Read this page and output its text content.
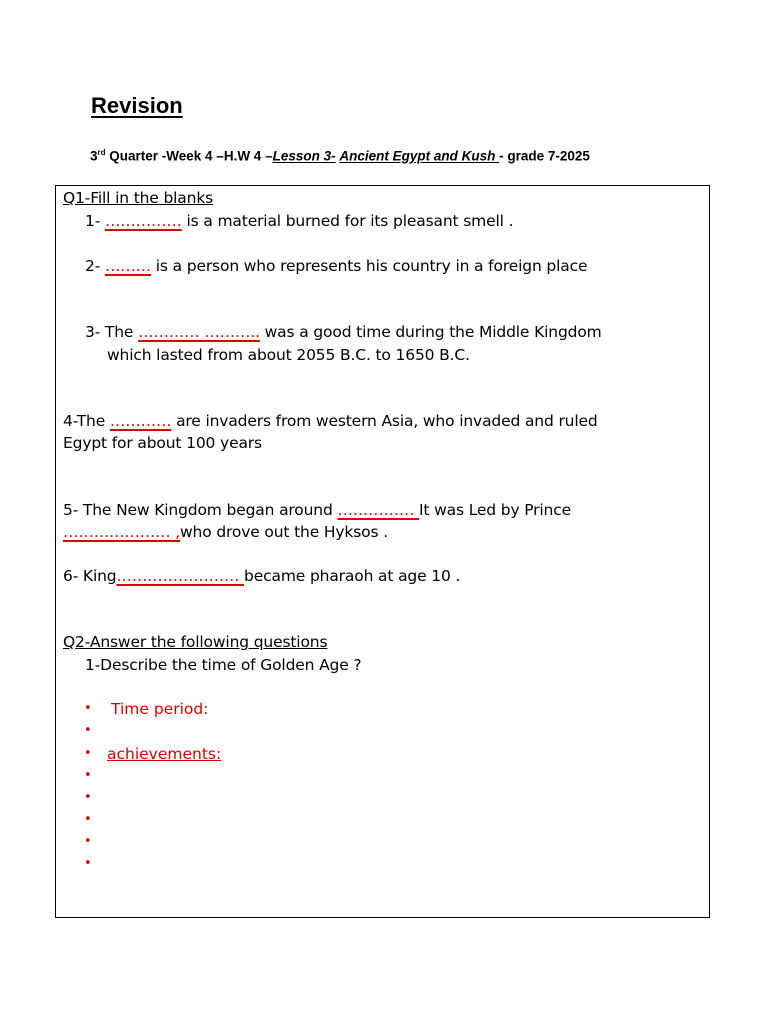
Revision
3rd Quarter -Week 4 –H.W 4 –Lesson 3- Ancient Egypt and Kush - grade 7-2025
Q1-Fill in the blanks
1- …………… is a material burned for its pleasant smell .
2- ……… is a person who represents his country in a foreign place
3- The ………… ……….. was a good time during the Middle Kingdom
which lasted from about 2055 B.C. to 1650 B.C.
4-The ………… are invaders from western Asia, who invaded and ruled
Egypt for about 100 years
5- The New Kingdom began around …………… It was Led by Prince
………………… ,who drove out the Hyksos .
6- King…………………… became pharaoh at age 10 .
Q2-Answer the following questions
1-Describe the time of Golden Age ?
• Time period:
•
• achievements:
•
•
•
•
•
